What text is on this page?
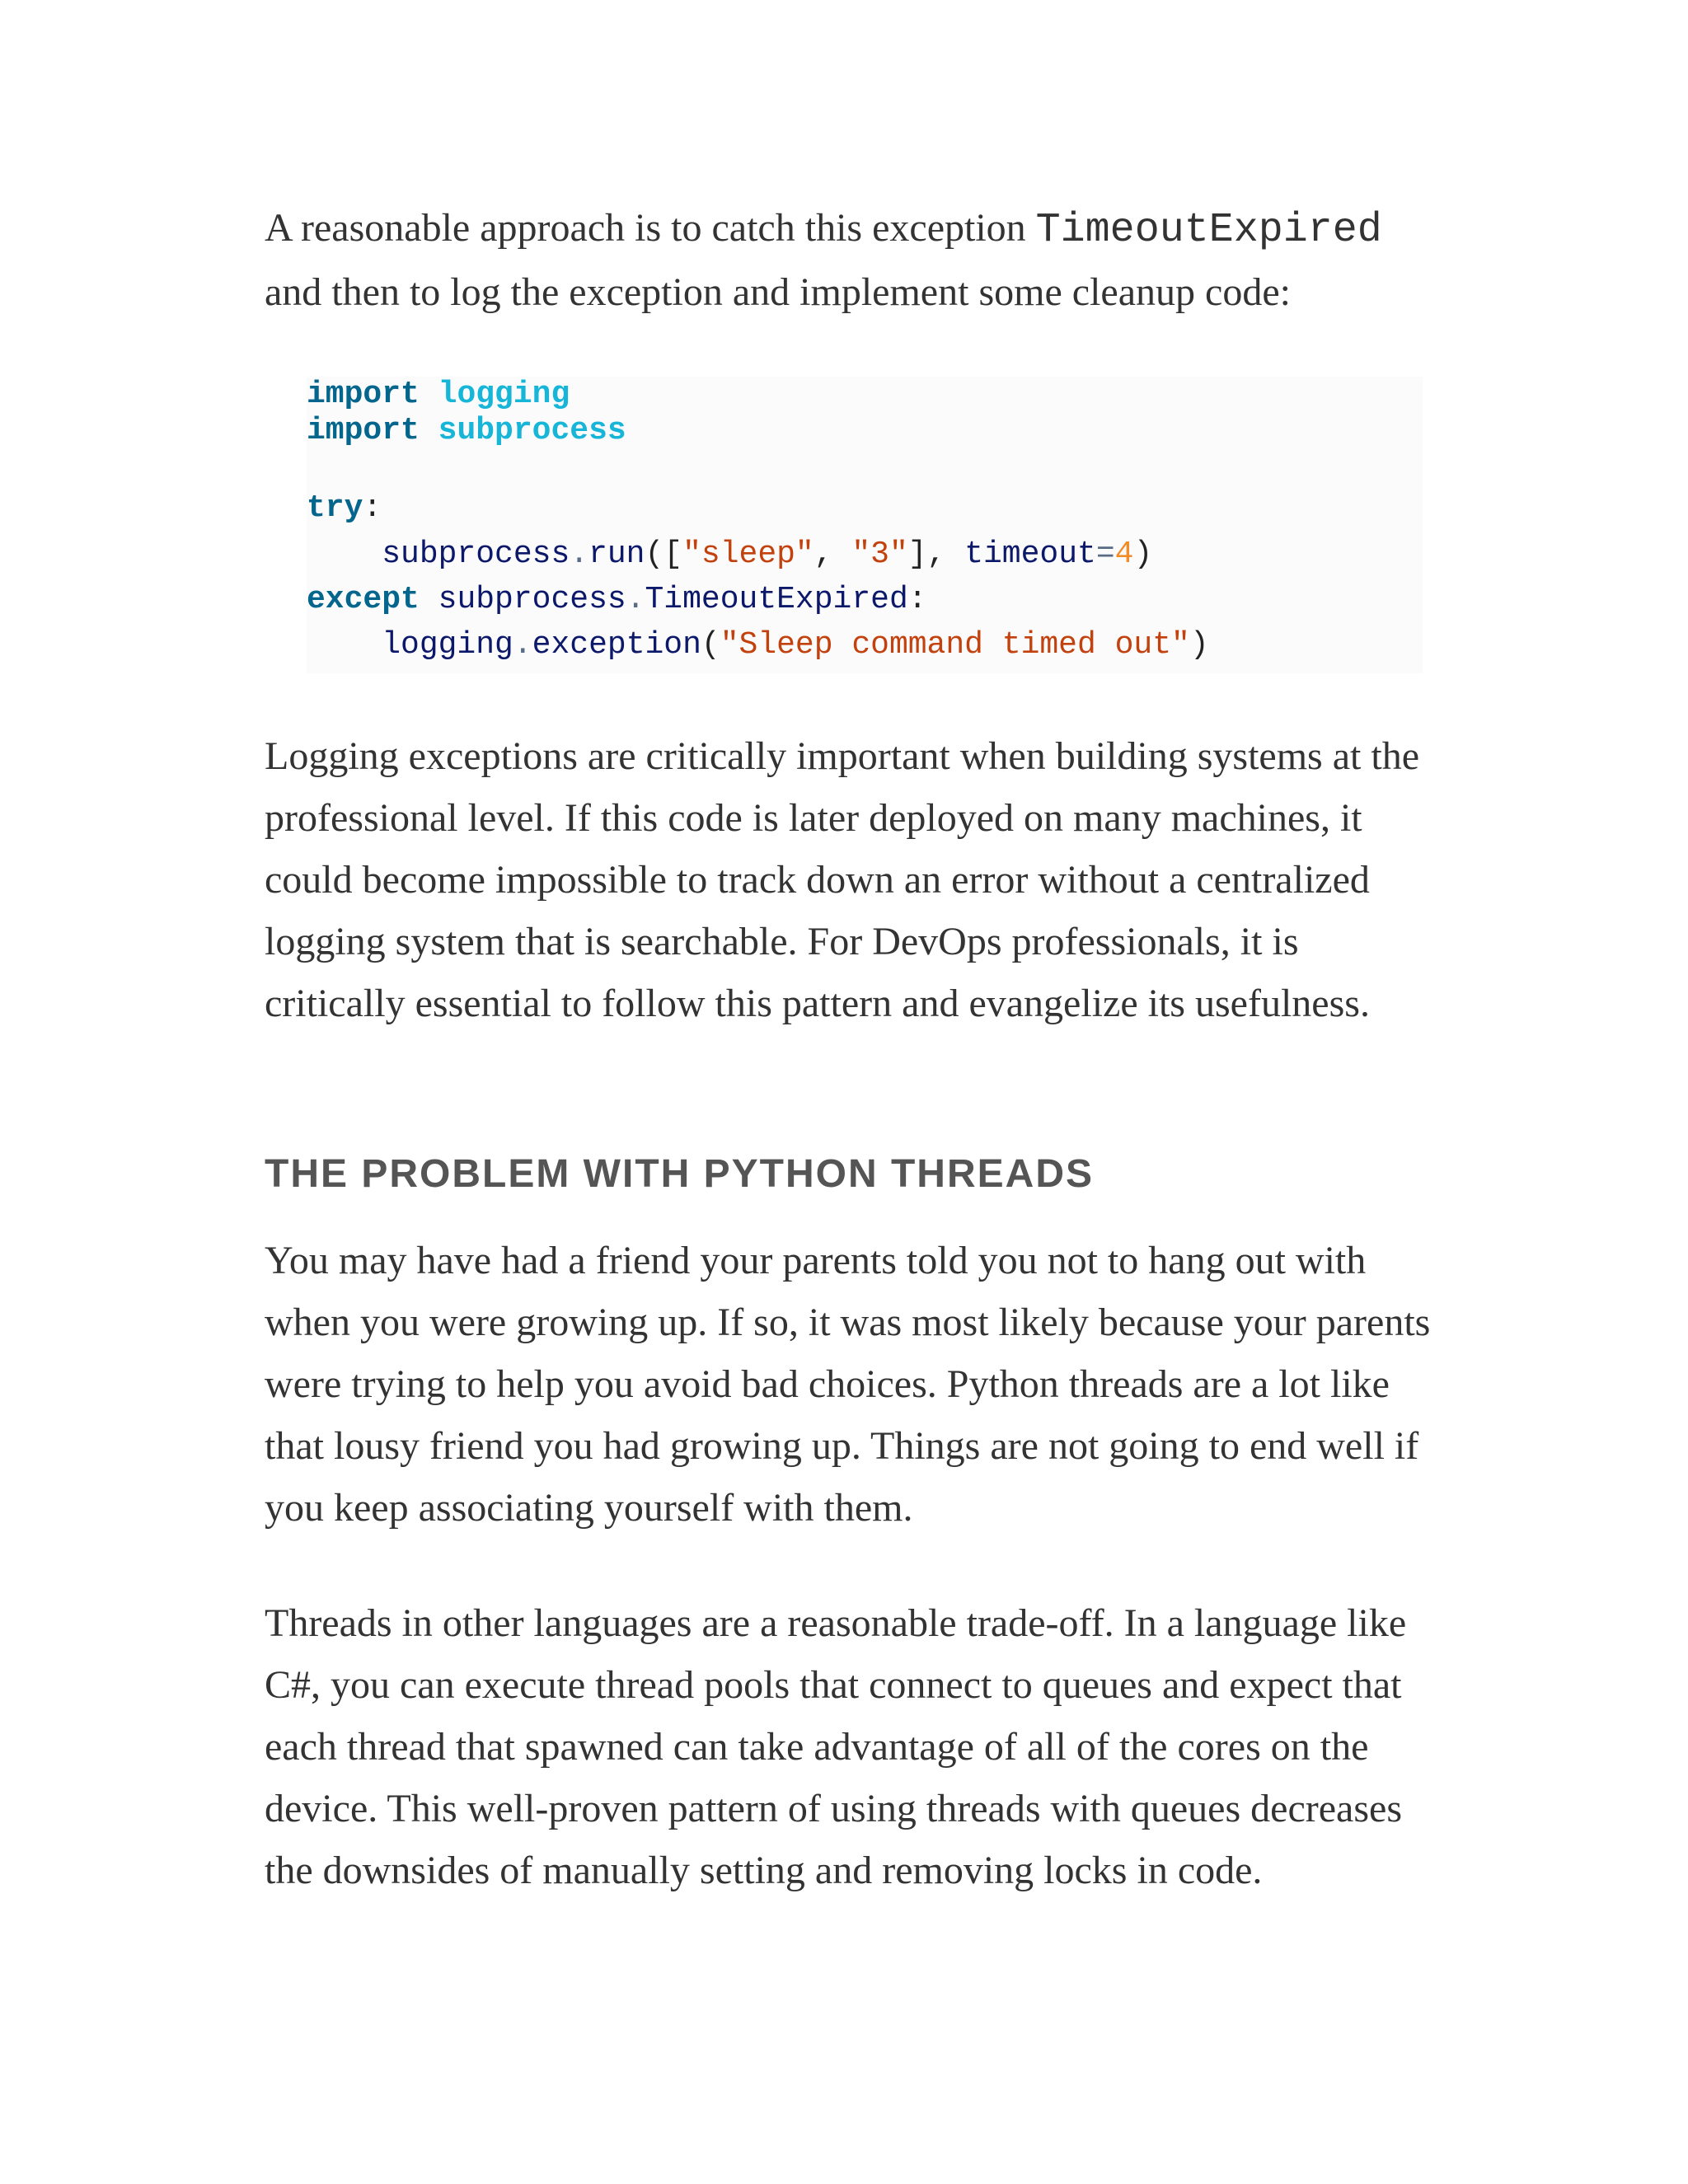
A reasonable approach is to catch this exception TimeoutExpired and then to log the exception and implement some cleanup code:

import logging

import subprocess

try:

subprocess.run(["sleep", "3"], timeout=4)

except subprocess.TimeoutExpired:

logging.exception("Sleep command timed out")

Logging exceptions are critically important when building systems at the professional level. If this code is later deployed on many machines, it could become impossible to track down an error without a centralized logging system that is searchable. For DevOps professionals, it is critically essential to follow this pattern and evangelize its usefulness.

THE PROBLEM WITH PYTHON THREADS

You may have had a friend your parents told you not to hang out with when you were growing up. If so, it was most likely because your parents were trying to help you avoid bad choices. Python threads are a lot like that lousy friend you had growing up. Things are not going to end well if you keep associating yourself with them.

Threads in other languages are a reasonable trade-off. In a language like C#, you can execute thread pools that connect to queues and expect that each thread that spawned can take advantage of all of the cores on the device. This well-proven pattern of using threads with queues decreases the downsides of manually setting and removing locks in code.
